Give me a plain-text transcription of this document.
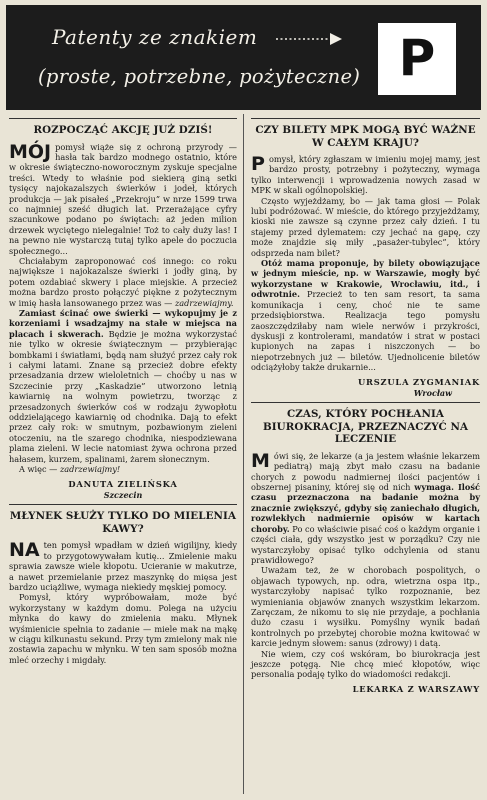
Patenty ze znakiem
(proste, potrzebne, pożyteczne) P
ROZPOCZĄĆ AKCJĘ JUŻ DZIŚ!

MÓJ pomysł wiąże się z ochroną przyrody — hasła tak bardzo modnego ostatnio, które w okresie świąteczno-noworocznym zyskuje specjalne treści. Wtedy to właśnie pod siekierą giną setki tysięcy najokazalszych świerków i jodeł, których produkcja — jak pisałeś „Przekroju” w nrze 1599 trwa co najmniej sześć długich lat. Przerażające cyfry szacunkowe podano po świętach: aż jeden milion drzewek wyciętego nielegalnie! Toż to cały duży las! I na pewno nie wystarczą tutaj tylko apele do poczucia społecznego...

Chciałabym zaproponować coś innego: co roku największe i najokazalsze świerki i jodły giną, by potem ozdabiać skwery i place miejskie. A przecież można bardzo prosto połączyć piękne z pożytecznym w imię hasła lansowanego przez was — zadrzewiajmy.

Zamiast ścinać owe świerki — wykopujmy je z korzeniami i wsadzajmy na stałe w miejsca na placach i skwerach. Będzie je można wykorzystać nie tylko w okresie świątecznym — przybierając bombkami i światłami, będą nam służyć przez cały rok i całymi latami. Znane są przecież dobre efekty przesadzania drzew wieloletnich — choćby u nas w Szczecinie przy „Kaskadzie” utworzono letnią kawiarnię na wolnym powietrzu, tworząc z przesadzonych świerków coś w rodzaju żywopłotu oddzielającego kawiarnię od chodnika. Dają to efekt przez cały rok: w smutnym, pozbawionym zieleni otoczeniu, na tle szarego chodnika, niespodziewana plama zieleni. W lecie natomiast żywa ochrona przed hałasem, kurzem, spalinami, żarem słonecznym.

A więc — zadrzewiajmy!

DANUTA ZIELIŃSKA

Szczecin

MŁYNEK SŁUŻY TYLKO DO MIELENIA KAWY?

NA ten pomysł wpadłam w dzień wigilijny, kiedy to przygotowywałam kutię... Zmielenie maku sprawia zawsze wiele kłopotu. Ucieranie w makutrze, a nawet przemielanie przez maszynkę do mięsa jest bardzo uciążliwe, wymaga niekiedy męskiej pomocy.

Pomysł, który wypróbowałam, może być wykorzystany w każdym domu. Polega na użyciu młynka do kawy do zmielenia maku. Młynek wyśmienicie spełnia to zadanie — miele mak na mąkę w ciągu kilkunastu sekund. Przy tym zmielony mak nie zostawia zapachu w młynku. W ten sam sposób można mleć orzechy i migdały.

CZY BILETY MPK MOGĄ BYĆ WAŻNE W CAŁYM KRAJU?

Pomysł, który zgłaszam w imieniu mojej mamy, jest bardzo prosty, potrzebny i pożyteczny, wymaga tylko interwencji i wprowadzenia nowych zasad w MPK w skali ogólnopolskiej.

Często wyjeżdżamy, bo — jak tama głosi — Polak lubi podróżować. W mieście, do którego przyjeżdżamy, kioski nie zawsze są czynne przez cały dzień. I tu stajemy przed dylematem: czy jechać na gapę, czy może znajdzie się miły „pasażer-tubylec”, który odsprzeda nam bilet?

Otóż mama proponuje, by bilety obowiązujące w jednym mieście, np. w Warszawie, mogły być wykorzystane w Krakowie, Wrocławiu, itd., i odwrotnie. Przecież to ten sam resort, ta sama komunikacja i ceny, choć nie te same przedsiębiorstwa. Realizacja tego pomysłu zaoszczędziłaby nam wiele nerwów i przykrości, dyskusji z kontrolerami, mandatów i strat w postaci kupionych na zapas i niszczonych — bo niepotrzebnych już — biletów. Ujednolicenie biletów odciążyłoby także drukarnie...

URSZULA ZYGMANIAK

Wrocław

CZAS, KTÓRY POCHŁANIA BIUROKRACJA, PRZEZNACZYĆ NA LECZENIE

Mówi się, że lekarze (a ja jestem właśnie lekarzem pediatrą) mają zbyt mało czasu na badanie chorych z powodu nadmiernej ilości pacjentów i obszernej pisaniny, której się od nich wymaga. Ilość czasu przeznaczona na badanie można by znacznie zwiększyć, gdyby się zaniechało długich, rozwlekłych nadmiernie opisów w kartach choroby. Po co właściwie pisać coś o każdym organie i części ciała, gdy wszystko jest w porządku? Czy nie wystarczyłoby opisać tylko odchylenia od stanu prawidłowego?

Uważam też, że w chorobach pospolitych, o objawach typowych, np. odra, wietrzna ospa itp., wystarczyłoby napisać tylko rozpoznanie, bez wymieniania objawów znanych wszystkim lekarzom. Zaręczam, że nikomu to się nie przydaje, a pochłania dużo czasu i wysiłku. Pomyślny wynik badań kontrolnych po przebytej chorobie można kwitować w karcie jednym słowem: sanus (zdrowy) i datą.

Nie wiem, czy coś wskóram, bo biurokracja jest jeszcze potęgą. Nie chcę mieć kłopotów, więc personalia podaję tylko do wiadomości redakcji.

LEKARKA Z WARSZAWY
